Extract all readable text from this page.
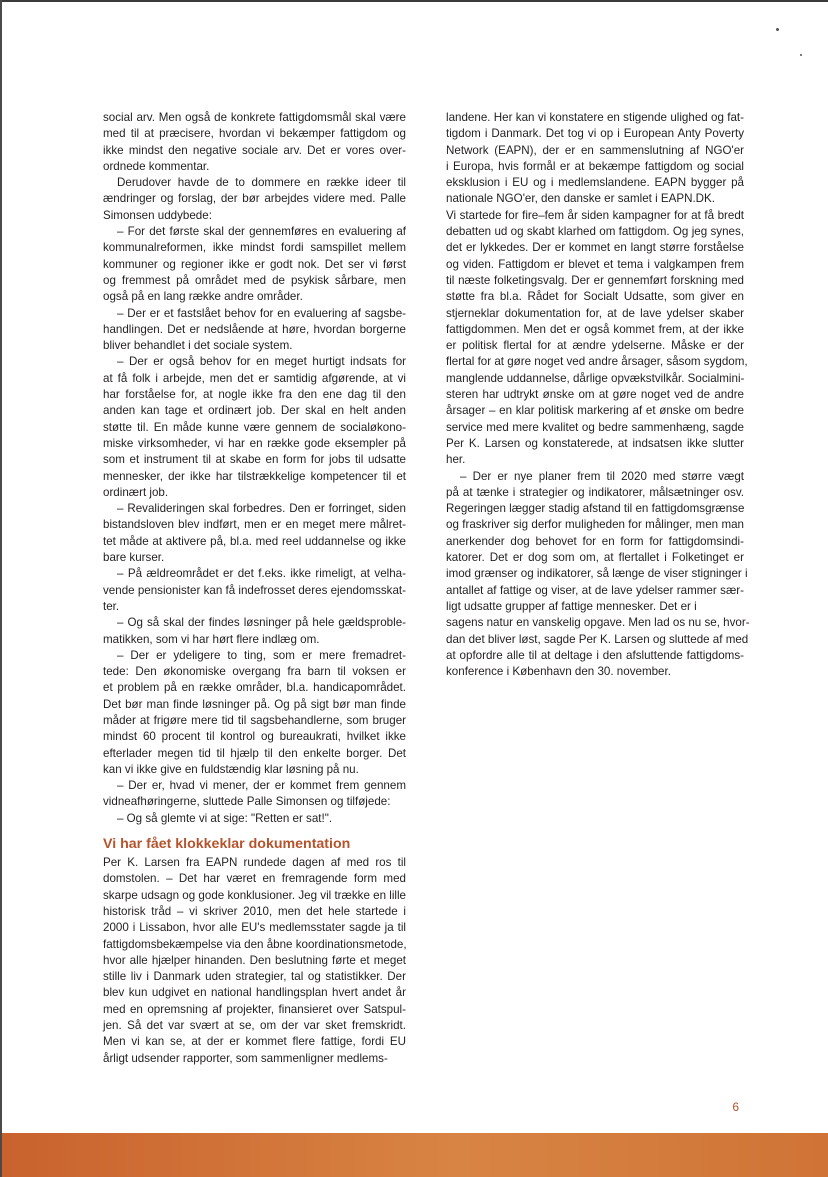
social arv. Men også de konkrete fattigdomsmål skal være
med til at præcisere, hvordan vi bekæmper fattigdom og
ikke mindst den negative sociale arv. Det er vores over-
ordnede kommentar.
Derudover havde de to dommere en række ideer til
ændringer og forslag, der bør arbejdes videre med. Palle
Simonsen uddybede:
– For det første skal der gennemføres en evaluering af
kommunalreformen, ikke mindst fordi samspillet mellem
kommuner og regioner ikke er godt nok. Det ser vi først
og fremmest på området med de psykisk sårbare, men
også på en lang række andre områder.
– Der er et fastslået behov for en evaluering af sagsbe-
handlingen. Det er nedslående at høre, hvordan borgerne
bliver behandlet i det sociale system.
– Der er også behov for en meget hurtigt indsats for
at få folk i arbejde, men det er samtidig afgørende, at vi
har forståelse for, at nogle ikke fra den ene dag til den
anden kan tage et ordinært job. Der skal en helt anden
støtte til. En måde kunne være gennem de socialøkono-
miske virksomheder, vi har en række gode eksempler på
som et instrument til at skabe en form for jobs til udsatte
mennesker, der ikke har tilstrækkelige kompetencer til et
ordinært job.
– Revalideringen skal forbedres. Den er forringet, siden
bistandsloven blev indført, men er en meget mere målret-
tet måde at aktivere på, bl.a. med reel uddannelse og ikke
bare kurser.
– På ældreområdet er det f.eks. ikke rimeligt, at velha-
vende pensionister kan få indefrosset deres ejendomsskat-
ter.
– Og så skal der findes løsninger på hele gældsproble-
matikken, som vi har hørt flere indlæg om.
– Der er ydeligere to ting, som er mere fremadret-
tede: Den økonomiske overgang fra barn til voksen er
et problem på en række områder, bl.a. handicapområdet.
Det bør man finde løsninger på. Og på sigt bør man finde
måder at frigøre mere tid til sagsbehandlerne, som bruger
mindst 60 procent til kontrol og bureaukrati, hvilket ikke
efterlader megen tid til hjælp til den enkelte borger. Det
kan vi ikke give en fuldstændig klar løsning på nu.
– Der er, hvad vi mener, der er kommet frem gennem
vidneafhøringerne, sluttede Palle Simonsen og tilføjede:
– Og så glemte vi at sige: "Retten er sat!".
Vi har fået klokkeklar dokumentation
Per K. Larsen fra EAPN rundede dagen af med ros til
domstolen. – Det har været en fremragende form med
skarpe udsagn og gode konklusioner. Jeg vil trække en lille
historisk tråd – vi skriver 2010, men det hele startede i
2000 i Lissabon, hvor alle EU's medlemsstater sagde ja til
fattigdomsbekæmpelse via den åbne koordinationsmetode,
hvor alle hjælper hinanden. Den beslutning førte et meget
stille liv i Danmark uden strategier, tal og statistikker. Der
blev kun udgivet en national handlingsplan hvert andet år
med en opremsning af projekter, finansieret over Satspul-
jen. Så det var svært at se, om der var sket fremskridt.
Men vi kan se, at der er kommet flere fattige, fordi EU
årligt udsender rapporter, som sammenligner medlems-
landene. Her kan vi konstatere en stigende ulighed og fat-
tigdom i Danmark. Det tog vi op i European Anty Poverty
Network (EAPN), der er en sammenslutning af NGO'er
i Europa, hvis formål er at bekæmpe fattigdom og social
eksklusion i EU og i medlemslandene. EAPN bygger på
nationale NGO'er, den danske er samlet i EAPN.DK.
Vi startede for fire–fem år siden kampagner for at få bredt
debatten ud og skabt klarhed om fattigdom. Og jeg synes,
det er lykkedes. Der er kommet en langt større forståelse
og viden. Fattigdom er blevet et tema i valgkampen frem
til næste folketingsvalg. Der er gennemført forskning med
støtte fra bl.a. Rådet for Socialt Udsatte, som giver en
stjerneklar dokumentation for, at de lave ydelser skaber
fattigdommen. Men det er også kommet frem, at der ikke
er politisk flertal for at ændre ydelserne. Måske er der
flertal for at gøre noget ved andre årsager, såsom sygdom,
manglende uddannelse, dårlige opvækstvilkår. Socialmini-
steren har udtrykt ønske om at gøre noget ved de andre
årsager – en klar politisk markering af et ønske om bedre
service med mere kvalitet og bedre sammenhæng, sagde
Per K. Larsen og konstaterede, at indsatsen ikke slutter
her.
– Der er nye planer frem til 2020 med større vægt
på at tænke i strategier og indikatorer, målsætninger osv.
Regeringen lægger stadig afstand til en fattigdomsgrænse
og fraskriver sig derfor muligheden for målinger, men man
anerkender dog behovet for en form for fattigdomsindi-
katorer. Det er dog som om, at flertallet i Folketinget er
imod grænser og indikatorer, så længe de viser stigninger i
antallet af fattige og viser, at de lave ydelser rammer sær-
ligt udsatte grupper af fattige mennesker. Det er i
sagens natur en vanskelig opgave. Men lad os nu se, hvor-
dan det bliver løst, sagde Per K. Larsen og sluttede af med
at opfordre alle til at deltage i den afsluttende fattigdoms-
konference i København den 30. november.
6
